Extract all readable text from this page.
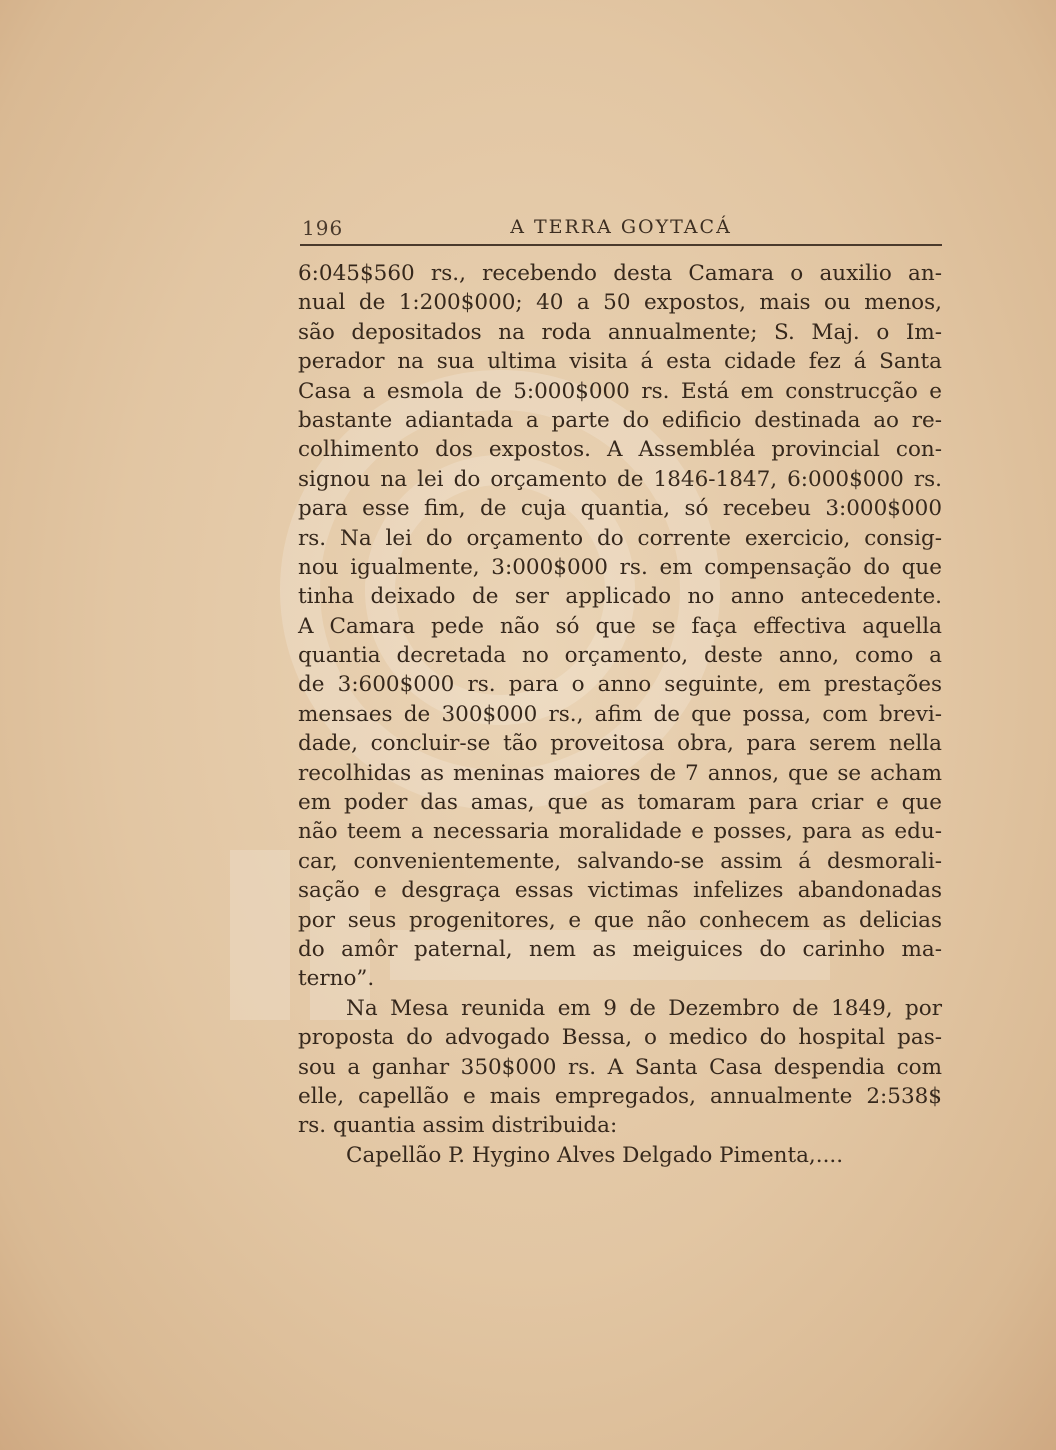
196	A TERRA GOYTACÁ
6:045$560 rs., recebendo desta Camara o auxilio an-
nual de 1:200$000; 40 a 50 expostos, mais ou menos,
são depositados na roda annualmente; S. Maj. o Im-
perador na sua ultima visita á esta cidade fez á Santa
Casa a esmola de 5:000$000 rs. Está em construcção e
bastante adiantada a parte do edificio destinada ao re-
colhimento dos expostos. A Assembléa provincial con-
signou na lei do orçamento de 1846-1847, 6:000$000 rs.
para esse fim, de cuja quantia, só recebeu 3:000$000
rs. Na lei do orçamento do corrente exercicio, consig-
nou igualmente, 3:000$000 rs. em compensação do que
tinha deixado de ser applicado no anno antecedente.
A Camara pede não só que se faça effectiva aquella
quantia decretada no orçamento, deste anno, como a
de 3:600$000 rs. para o anno seguinte, em prestações
mensaes de 300$000 rs., afim de que possa, com brevi-
dade, concluir-se tão proveitosa obra, para serem nella
recolhidas as meninas maiores de 7 annos, que se acham
em poder das amas, que as tomaram para criar e que
não teem a necessaria moralidade e posses, para as edu-
car, convenientemente, salvando-se assim á desmorali-
sação e desgraça essas victimas infelizes abandonadas
por seus progenitores, e que não conhecem as delicias
do amôr paternal, nem as meiguices do carinho ma-
terno”.
Na Mesa reunida em 9 de Dezembro de 1849, por
proposta do advogado Bessa, o medico do hospital pas-
sou a ganhar 350$000 rs. A Santa Casa despendia com
elle, capellão e mais empregados, annualmente 2:538$
rs. quantia assim distribuida:
Capellão P. Hygino Alves Delgado Pimenta,....
